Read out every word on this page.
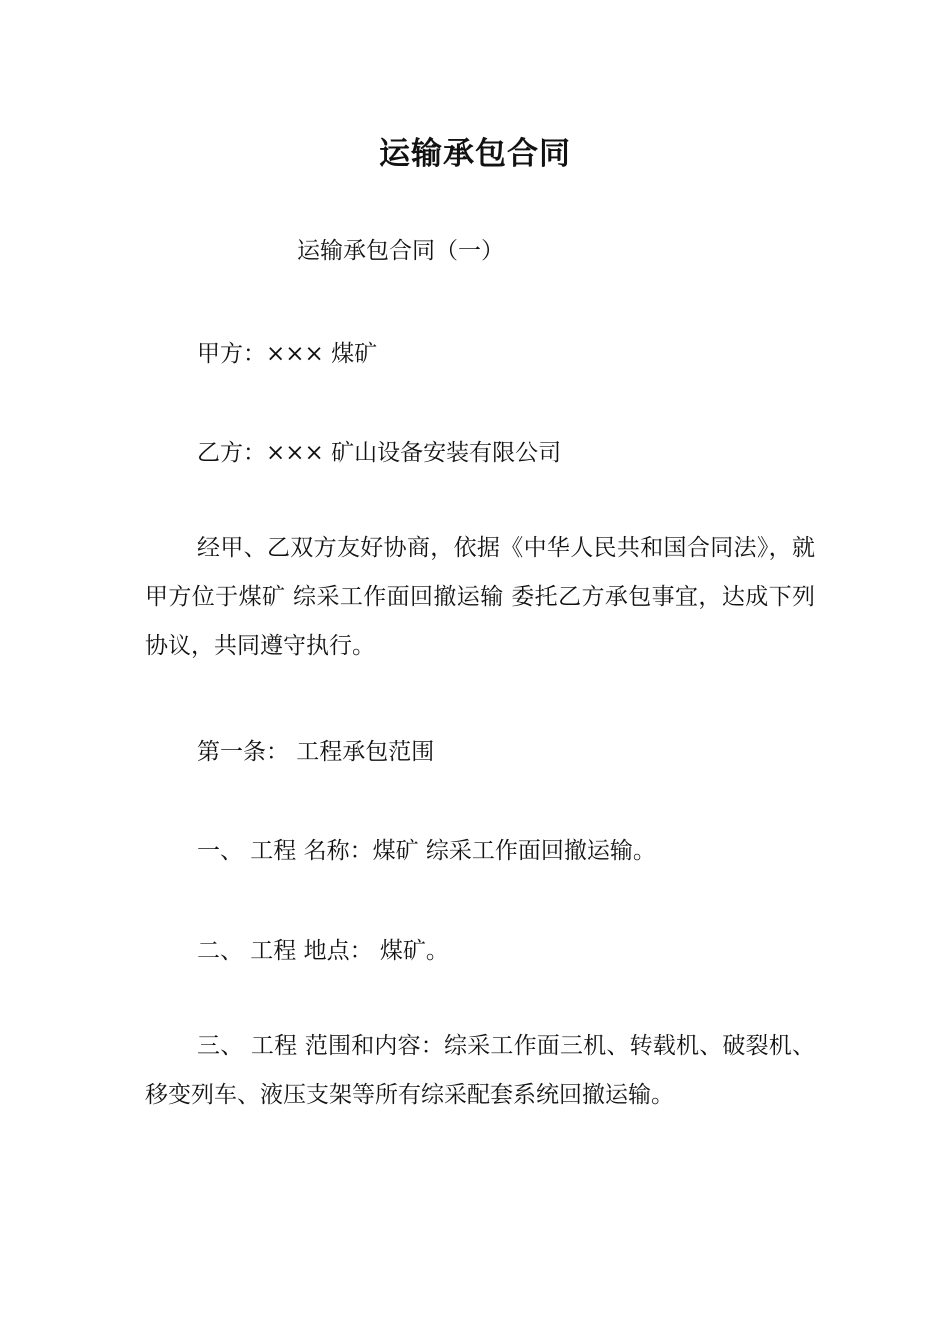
运输承包合同
运输承包合同（一）
甲方：××× 煤矿
乙方：××× 矿山设备安装有限公司
经甲、乙双方友好协商，依据《中华人民共和国合同法》，就甲方位于煤矿 综采工作面回撤运输 委托乙方承包事宜，达成下列协议，共同遵守执行。
第一条： 工程承包范围
一、 工程 名称：煤矿 综采工作面回撤运输。
二、 工程 地点： 煤矿。
三、 工程 范围和内容：综采工作面三机、转载机、破裂机、移变列车、液压支架等所有综采配套系统回撤运输。
